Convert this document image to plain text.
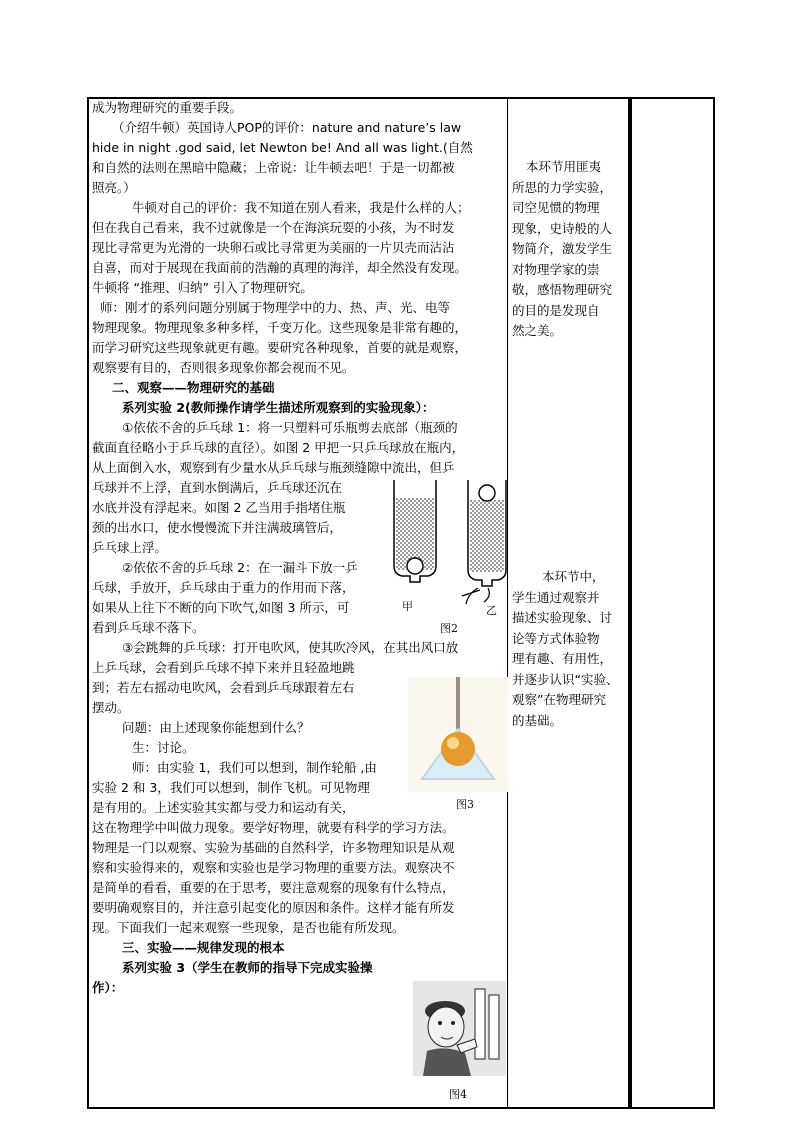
成为物理研究的重要手段。

（介绍牛顿）英国诗人POP的评价：nature and nature’s law

hide in night .god said, let Newton be! And all was light.(自然

和自然的法则在黑暗中隐藏；上帝说：让牛顿去吧！于是一切都被

照亮。）

牛顿对自己的评价：我不知道在别人看来，我是什么样的人；

但在我自己看来，我不过就像是一个在海滨玩耍的小孩，为不时发

现比寻常更为光滑的一块卵石或比寻常更为美丽的一片贝壳而沾沾

自喜，而对于展现在我面前的浩瀚的真理的海洋，却全然没有发现。

牛顿将 “推理、归纳” 引入了物理研究。

师：刚才的系列问题分别属于物理学中的力、热、声、光、电等

物理现象。物理现象多种多样，千变万化。这些现象是非常有趣的，

而学习研究这些现象就更有趣。要研究各种现象，首要的就是观察，

观察要有目的，否则很多现象你都会视而不见。

二、观察——物理研究的基础

系列实验 2(教师操作请学生描述所观察到的实验现象）：

①依依不舍的乒乓球 1：将一只塑料可乐瓶剪去底部（瓶颈的

截面直径略小于乒乓球的直径）。如图 2 甲把一只乒乓球放在瓶内，

从上面倒入水，观察到有少量水从乒乓球与瓶颈缝隙中流出，但乒

乓球并不上浮，直到水倒满后，乒乓球还沉在

水底并没有浮起来。如图 2 乙当用手指堵住瓶

颈的出水口，使水慢慢流下并注满玻璃管后，

乒乓球上浮。

②依依不舍的乒乓球 2：在一漏斗下放一乒

乓球，手放开，乒乓球由于重力的作用而下落，

如果从上往下不断的向下吹气,如图 3 所示，可

看到乒乓球不落下。

③会跳舞的乒乓球：打开电吹风，使其吹冷风，在其出风口放

上乒乓球，会看到乒乓球不掉下来并且轻盈地跳

到；若左右摇动电吹风，会看到乒乓球跟着左右

摆动。

问题：由上述现象你能想到什么？

生：讨论。

师：由实验 1，我们可以想到，制作轮船 ,由

实验 2 和 3，我们可以想到，制作飞机。可见物理

是有用的。上述实验其实都与受力和运动有关，

这在物理学中叫做力现象。要学好物理，就要有科学的学习方法。

物理是一门以观察、实验为基础的自然科学，许多物理知识是从观

察和实验得来的，观察和实验也是学习物理的重要方法。观察决不

是简单的看看，重要的在于思考，要注意观察的现象有什么特点，

要明确观察目的，并注意引起变化的原因和条件。这样才能有所发

现。下面我们一起来观察一些现象，是否也能有所发现。

三、实验——规律发现的根本

系列实验 3（学生在教师的指导下完成实验操

作）：

本环节用匪夷

所思的力学实验，

司空见惯的物理

现象，史诗般的人

物简介，激发学生

对物理学家的崇

敬，感悟物理研究

的目的是发现自

然之美。

本环节中，

学生通过观察并

描述实验现象、讨

论等方式体验物

理有趣、有用性，

并逐步认识“实验、

观察”在物理研究

的基础。

甲	乙
图2
图3
图4
